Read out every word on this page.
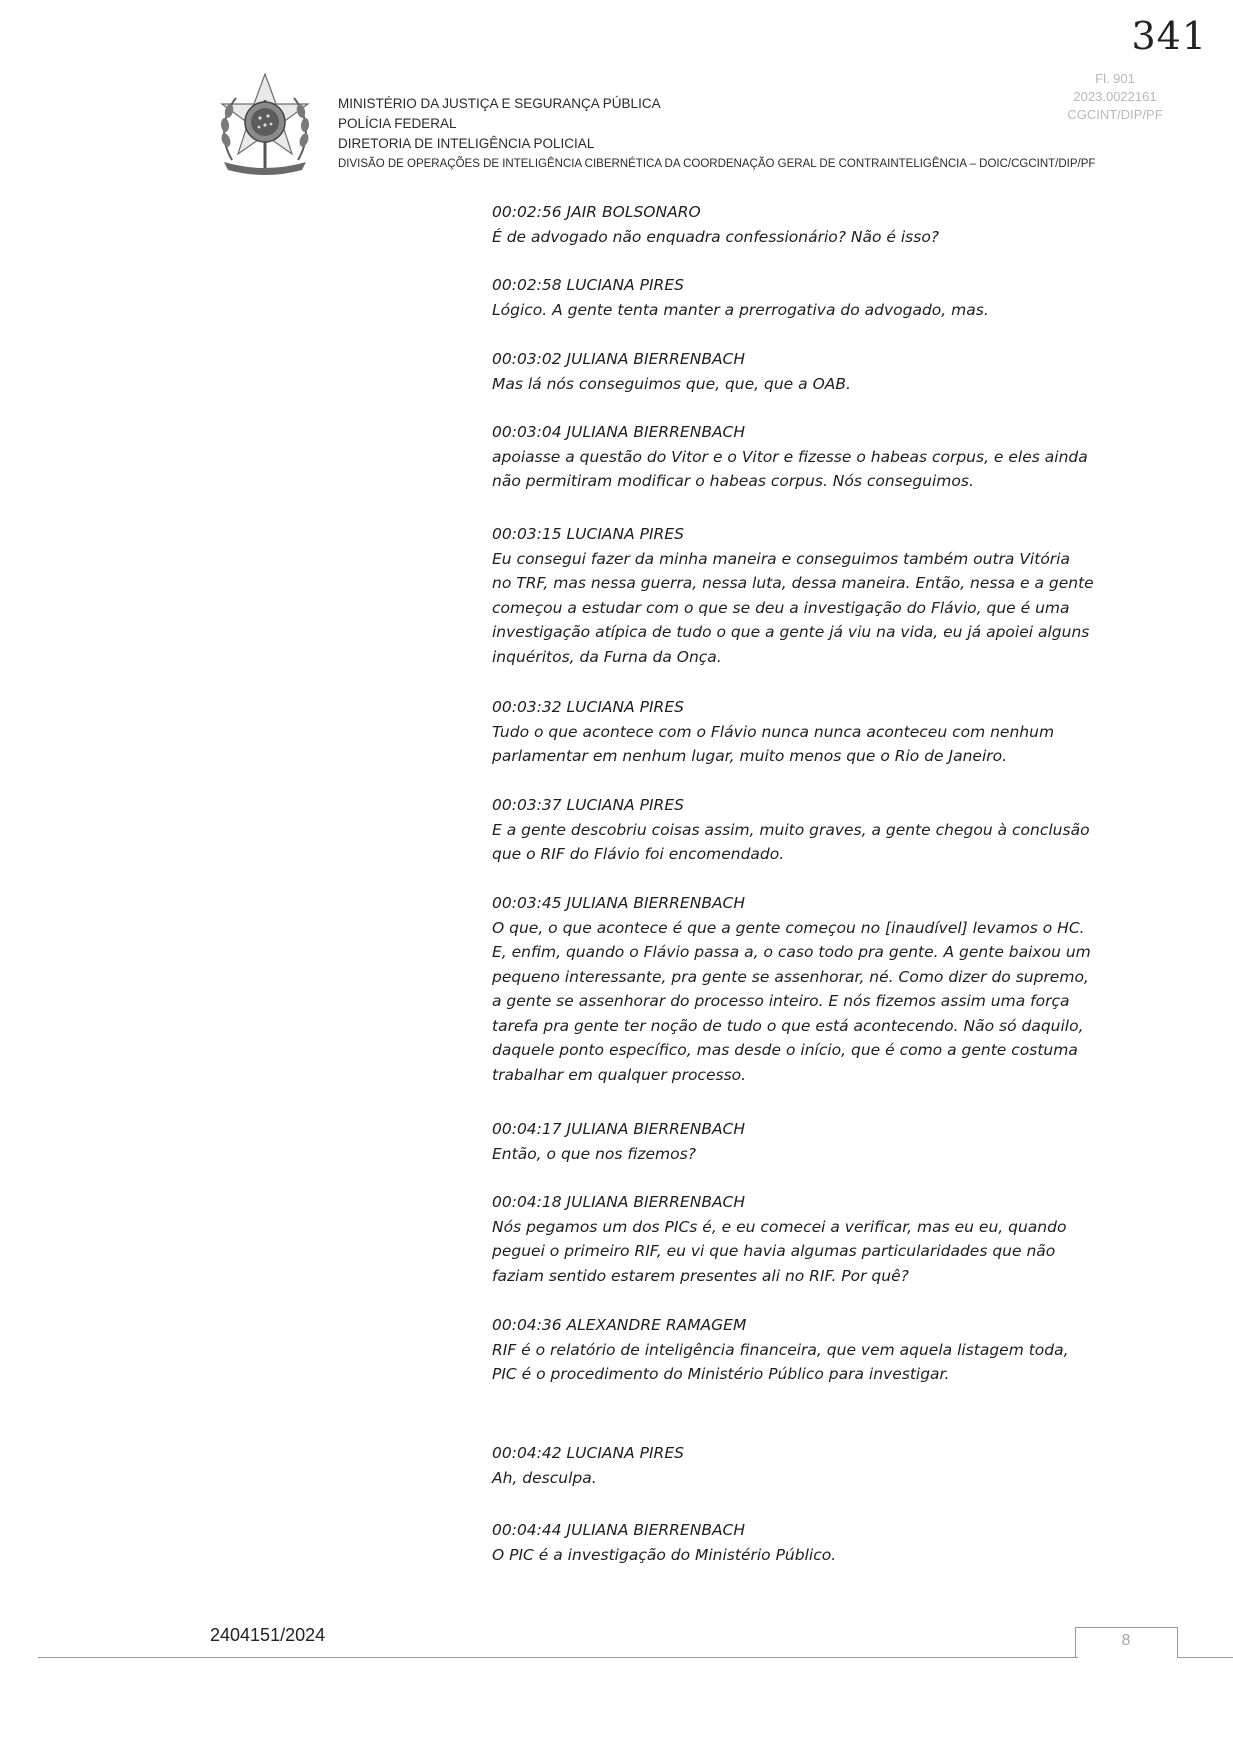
341
Fl. 901
2023.0022161
CGCINT/DIP/PF
MINISTÉRIO DA JUSTIÇA E SEGURANÇA PÚBLICA
POLÍCIA FEDERAL
DIRETORIA DE INTELIGÊNCIA POLICIAL
DIVISÃO DE OPERAÇÕES DE INTELIGÊNCIA CIBERNÉTICA DA COORDENAÇÃO GERAL DE CONTRAINTELIGÊNCIA – DOIC/CGCINT/DIP/PF
00:02:56 JAIR BOLSONARO
É de advogado não enquadra confessionário? Não é isso?
00:02:58 LUCIANA PIRES
Lógico. A gente tenta manter a prerrogativa do advogado, mas.
00:03:02 JULIANA BIERRENBACH
Mas lá nós conseguimos que, que, que a OAB.
00:03:04 JULIANA BIERRENBACH
apoiasse a questão do Vitor e o Vitor e fizesse o habeas corpus, e eles ainda
não permitiram modificar o habeas corpus. Nós conseguimos.
00:03:15 LUCIANA PIRES
Eu consegui fazer da minha maneira e conseguimos também outra Vitória
no TRF, mas nessa guerra, nessa luta, dessa maneira. Então, nessa e a gente
começou a estudar com o que se deu a investigação do Flávio, que é uma
investigação atípica de tudo o que a gente já viu na vida, eu já apoiei alguns
inquéritos, da Furna da Onça.
00:03:32 LUCIANA PIRES
Tudo o que acontece com o Flávio nunca nunca aconteceu com nenhum
parlamentar em nenhum lugar, muito menos que o Rio de Janeiro.
00:03:37 LUCIANA PIRES
E a gente descobriu coisas assim, muito graves, a gente chegou à conclusão
que o RIF do Flávio foi encomendado.
00:03:45 JULIANA BIERRENBACH
O que, o que acontece é que a gente começou no [inaudível] levamos o HC.
E, enfim, quando o Flávio passa a, o caso todo pra gente. A gente baixou um
pequeno interessante, pra gente se assenhorar, né. Como dizer do supremo,
a gente se assenhorar do processo inteiro. E nós fizemos assim uma força
tarefa pra gente ter noção de tudo o que está acontecendo. Não só daquilo,
daquele ponto específico, mas desde o início, que é como a gente costuma
trabalhar em qualquer processo.
00:04:17 JULIANA BIERRENBACH
Então, o que nos fizemos?
00:04:18 JULIANA BIERRENBACH
Nós pegamos um dos PICs é, e eu comecei a verificar, mas eu eu, quando
peguei o primeiro RIF, eu vi que havia algumas particularidades que não
faziam sentido estarem presentes ali no RIF. Por quê?
00:04:36 ALEXANDRE RAMAGEM
RIF é o relatório de inteligência financeira, que vem aquela listagem toda,
PIC é o procedimento do Ministério Público para investigar.
00:04:42 LUCIANA PIRES
Ah, desculpa.
00:04:44 JULIANA BIERRENBACH
O PIC é a investigação do Ministério Público.
2404151/2024	8
